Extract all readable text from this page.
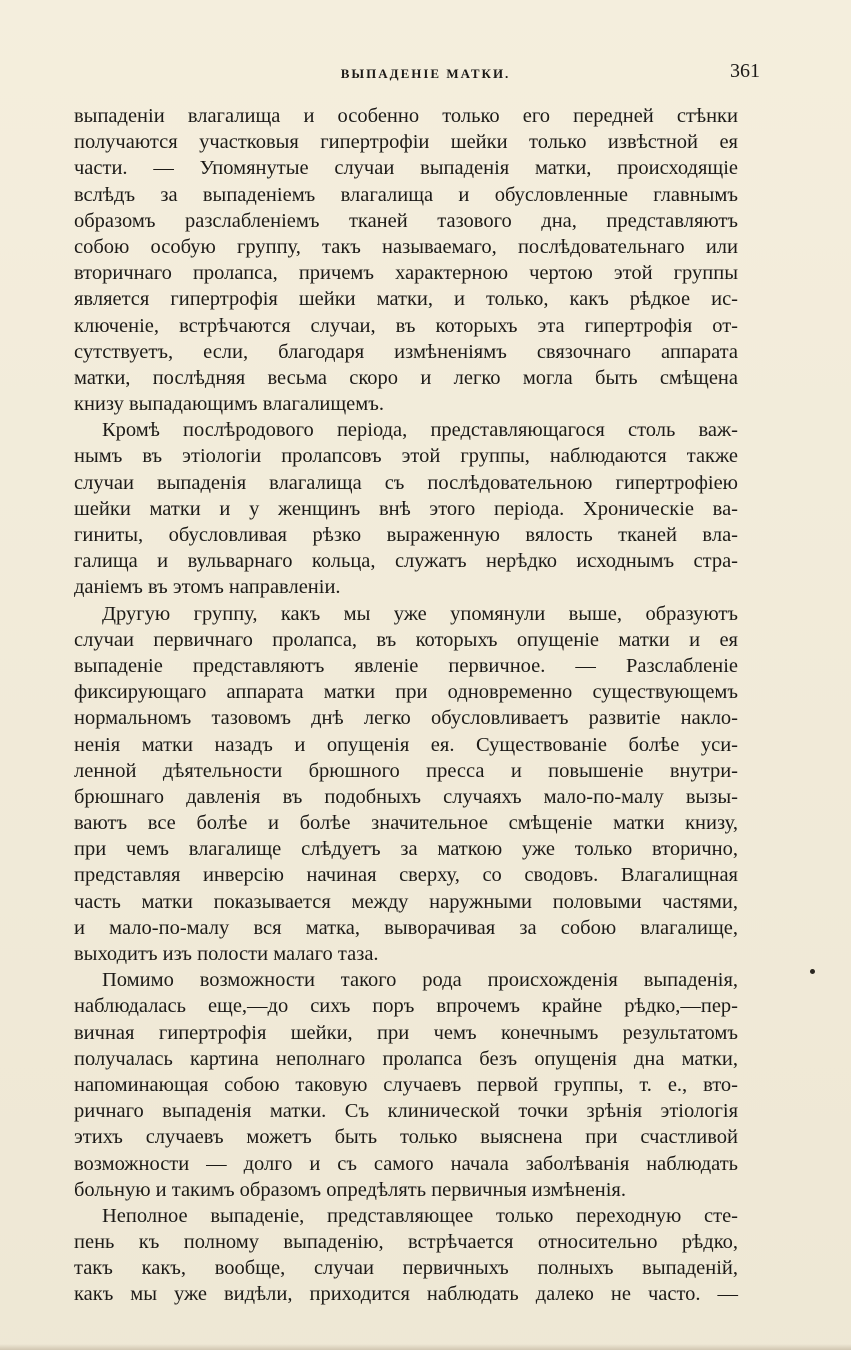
ВЫПАДЕНІЕ МАТКИ.	361
выпаденіи влагалища и особенно только его передней стѣнки
получаются участковыя гипертрофіи шейки только извѣстной ея
части. — Упомянутые случаи выпаденія матки, происходящіе
вслѣдъ за выпаденіемъ влагалища и обусловленные главнымъ
образомъ разслабленіемъ тканей тазового дна, представляютъ
собою особую группу, такъ называемаго, послѣдовательнаго или
вторичнаго пролапса, причемъ характерною чертою этой группы
является гипертрофія шейки матки, и только, какъ рѣдкое ис-
ключеніе, встрѣчаются случаи, въ которыхъ эта гипертрофія от-
сутствуетъ, если, благодаря измѣненіямъ связочнаго аппарата
матки, послѣдняя весьма скоро и легко могла быть смѣщена
книзу выпадающимъ влагалищемъ.
Кромѣ послѣродового періода, представляющагося столь важ-
нымъ въ этіологіи пролапсовъ этой группы, наблюдаются также
случаи выпаденія влагалища съ послѣдовательною гипертрофіею
шейки матки и у женщинъ внѣ этого періода. Хроническіе ва-
гиниты, обусловливая рѣзко выраженную вялость тканей вла-
галища и вульварнаго кольца, служатъ нерѣдко исходнымъ стра-
даніемъ въ этомъ направленіи.
Другую группу, какъ мы уже упомянули выше, образуютъ
случаи первичнаго пролапса, въ которыхъ опущеніе матки и ея
выпаденіе представляютъ явленіе первичное. — Разслабленіе
фиксирующаго аппарата матки при одновременно существующемъ
нормальномъ тазовомъ днѣ легко обусловливаетъ развитіе накло-
ненія матки назадъ и опущенія ея. Существованіе болѣе уси-
ленной дѣятельности брюшного пресса и повышеніе внутри-
брюшнаго давленія въ подобныхъ случаяхъ мало-по-малу вызы-
ваютъ все болѣе и болѣе значительное смѣщеніе матки книзу,
при чемъ влагалище слѣдуетъ за маткою уже только вторично,
представляя инверсію начиная сверху, со сводовъ. Влагалищная
часть матки показывается между наружными половыми частями,
и мало-по-малу вся матка, выворачивая за собою влагалище,
выходитъ изъ полости малаго таза.
Помимо возможности такого рода происхожденія выпаденія,
наблюдалась еще,—до сихъ поръ впрочемъ крайне рѣдко,—пер-
вичная гипертрофія шейки, при чемъ конечнымъ результатомъ
получалась картина неполнаго пролапса безъ опущенія дна матки,
напоминающая собою таковую случаевъ первой группы, т. е., вто-
ричнаго выпаденія матки. Съ клинической точки зрѣнія этіологія
этихъ случаевъ можетъ быть только выяснена при счастливой
возможности — долго и съ самого начала заболѣванія наблюдать
больную и такимъ образомъ опредѣлять первичныя измѣненія.
Неполное выпаденіе, представляющее только переходную сте-
пень къ полному выпаденію, встрѣчается относительно рѣдко,
такъ какъ, вообще, случаи первичныхъ полныхъ выпаденій,
какъ мы уже видѣли, приходится наблюдать далеко не часто. —
